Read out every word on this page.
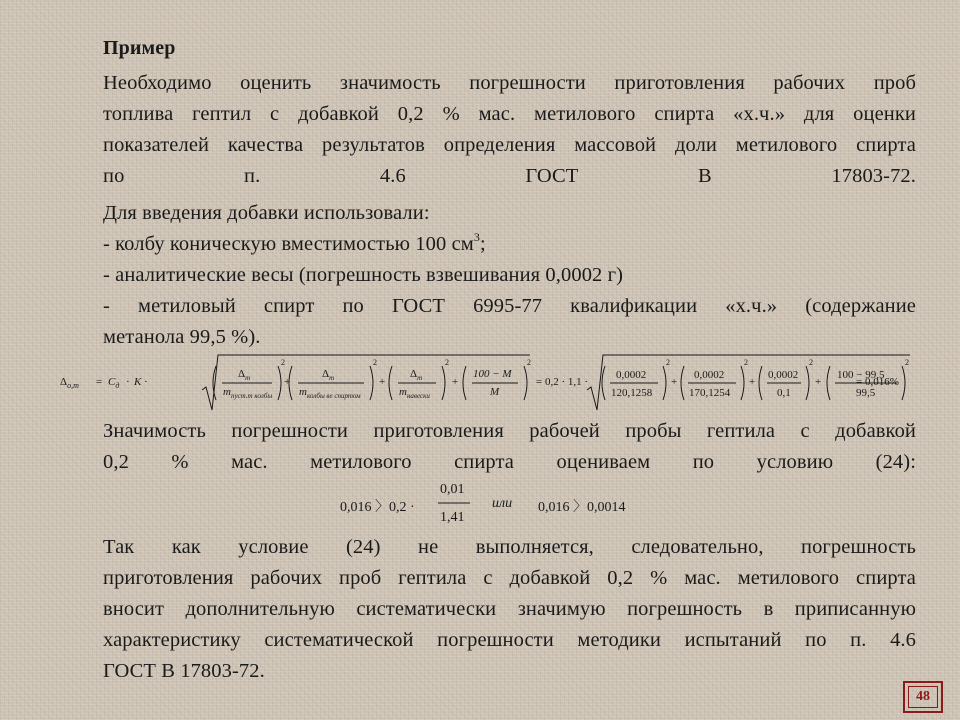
Пример
Необходимо оценить значимость погрешности приготовления рабочих проб
топлива гептил с добавкой 0,2 % мас. метилового спирта «х.ч.» для оценки
показателей качества результатов определения массовой доли метилового спирта
по п. 4.6 ГОСТ В 17803-72.
Для введения добавки использовали:
- колбу коническую вместимостью 100 $см^3$;
- аналитические весы (погрешность взвешивания 0,0002 г)
- метиловый спирт по ГОСТ 6995-77 квалификации «х.ч.» (содержание
метанола 99,5 %).
$\Delta_{о,т} = C_д \cdot K$ ·
$\Delta_т$
$m_{пуст.т колбы}$
2
+
$\Delta_т$
$m_{колбы ве спиртом}$
2
+
$\Delta_т$
$m_{навески}$
2
+
100 − M
M
2
= 0,2 · 1,1 ·
0,0002
120,1258
2
+
0,0002
170,1254
2
+
0,0002
0,1
2
+
100 − 99,5
99,5
2
= 0,016%
Значимость погрешности приготовления рабочей пробы гептила с добавкой
0,2 % мас. метилового спирта оцениваем по условию (24):
0,016 〉0,2 ·
0,01
1,41
или 0,016 〉0,0014
Так как условие (24) не выполняется, следовательно, погрешность
приготовления рабочих проб гептила с добавкой 0,2 % мас. метилового спирта
вносит дополнительную систематически значимую погрешность в приписанную
характеристику систематической погрешности методики испытаний по п. 4.6
ГОСТ В 17803-72.
48
